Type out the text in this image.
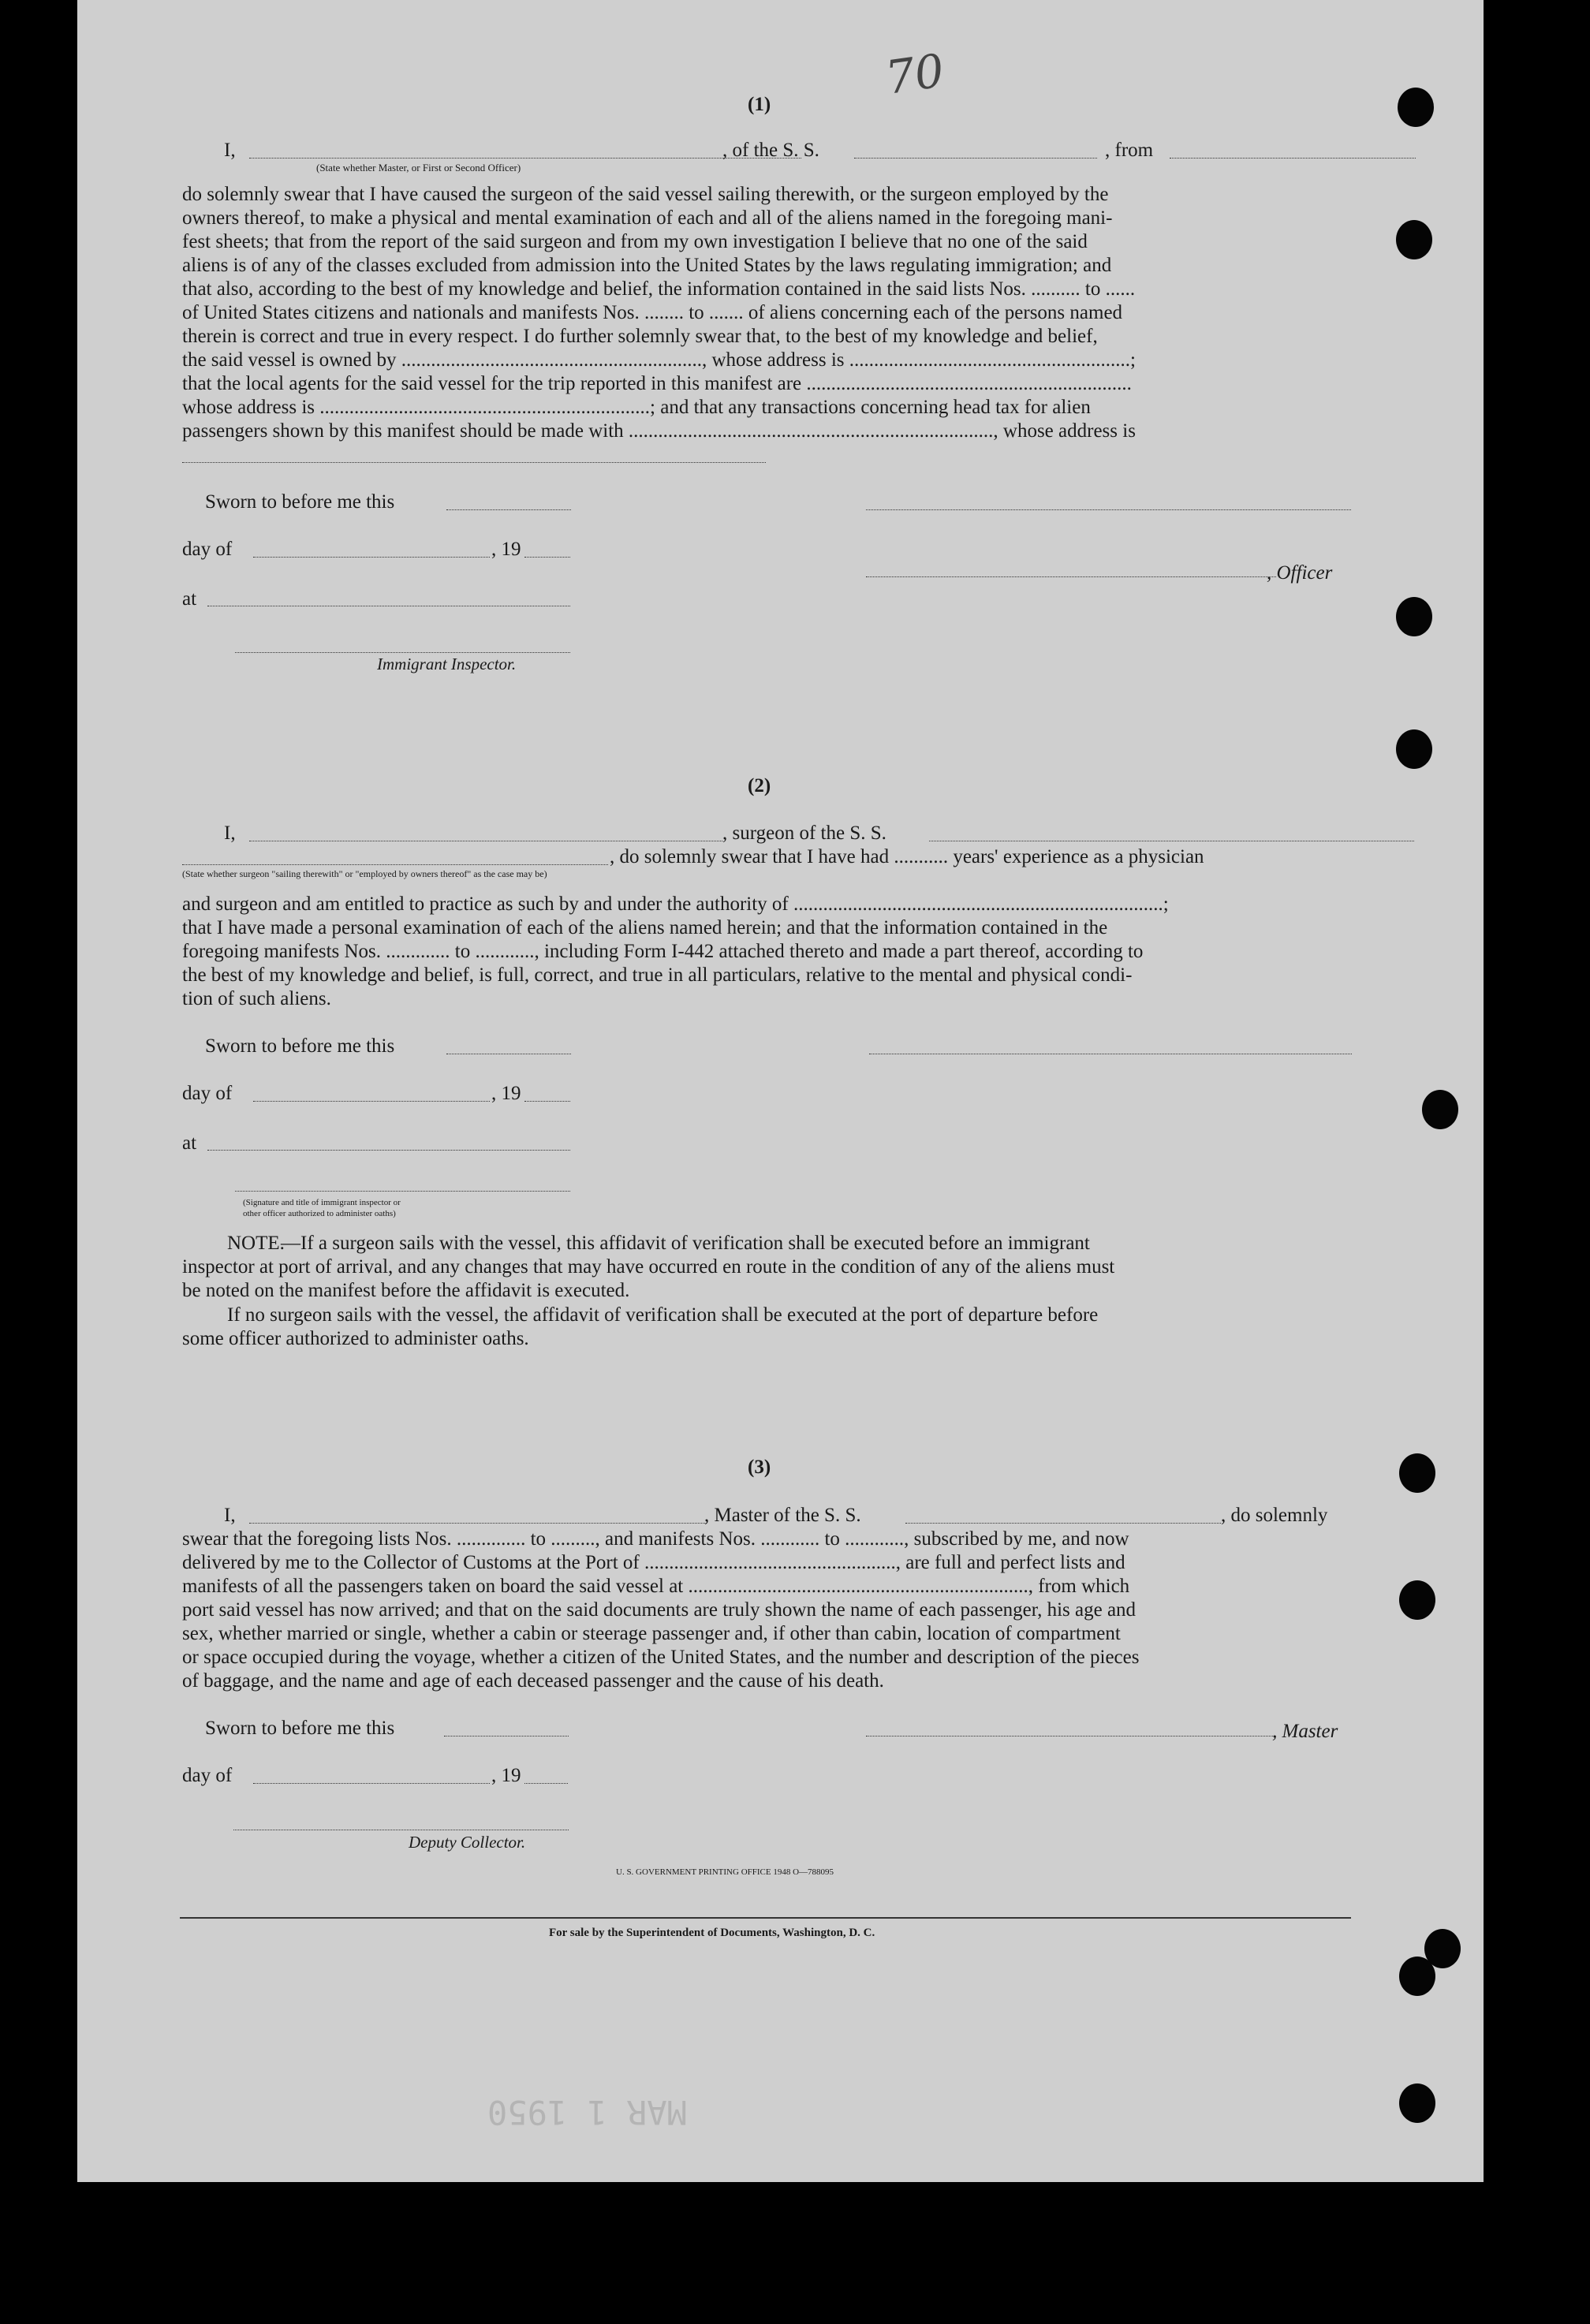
70
(1)
I,	, of the S. S.	, from
(State whether Master, or First or Second Officer)
do solemnly swear that I have caused the surgeon of the said vessel sailing therewith, or the surgeon employed by the
owners thereof, to make a physical and mental examination of each and all of the aliens named in the foregoing mani-
fest sheets; that from the report of the said surgeon and from my own investigation I believe that no one of the said
aliens is of any of the classes excluded from admission into the United States by the laws regulating immigration; and
that also, according to the best of my knowledge and belief, the information contained in the said lists Nos. .......... to ......
of United States citizens and nationals and manifests Nos. ........ to ....... of aliens concerning each of the persons named
therein is correct and true in every respect. I do further solemnly swear that, to the best of my knowledge and belief,
the said vessel is owned by ............................................................., whose address is .........................................................;
that the local agents for the said vessel for the trip reported in this manifest are ..................................................................
whose address is ...................................................................; and that any transactions concerning head tax for alien
passengers shown by this manifest should be made with .........................................................................., whose address is
Sworn to before me this
day of	, 19
, Officer
at
Immigrant Inspector.
(2)
I,	, surgeon of the S. S.
, do solemnly swear that I have had ........... years' experience as a physician
(State whether surgeon "sailing therewith" or "employed by owners thereof" as the case may be)
and surgeon and am entitled to practice as such by and under the authority of ...........................................................................;
that I have made a personal examination of each of the aliens named herein; and that the information contained in the
foregoing manifests Nos. ............. to ............, including Form I-442 attached thereto and made a part thereof, according to
the best of my knowledge and belief, is full, correct, and true in all particulars, relative to the mental and physical condi-
tion of such aliens.
Sworn to before me this
day of	, 19
at
(Signature and title of immigrant inspector or
other officer authorized to administer oaths)
NOTE.
—If a surgeon sails with the vessel, this affidavit of verification shall be executed before an immigrant
inspector at port of arrival, and any changes that may have occurred en route in the condition of any of the aliens must
be noted on the manifest before the affidavit is executed.
If no surgeon sails with the vessel, the affidavit of verification shall be executed at the port of departure before
some officer authorized to administer oaths.
(3)
I,	, Master of the S. S.	, do solemnly
swear that the foregoing lists Nos. .............. to ........., and manifests Nos. ............ to ............, subscribed by me, and now
delivered by me to the Collector of Customs at the Port of ..................................................., are full and perfect lists and
manifests of all the passengers taken on board the said vessel at ....................................................................., from which
port said vessel has now arrived; and that on the said documents are truly shown the name of each passenger, his age and
sex, whether married or single, whether a cabin or steerage passenger and, if other than cabin, location of compartment
or space occupied during the voyage, whether a citizen of the United States, and the number and description of the pieces
of baggage, and the name and age of each deceased passenger and the cause of his death.
Sworn to before me this	, Master
day of	, 19
Deputy Collector.
U. S. GOVERNMENT PRINTING OFFICE 1948 O—788095
For sale by the Superintendent of Documents, Washington, D. C.
MAR 1 1950
